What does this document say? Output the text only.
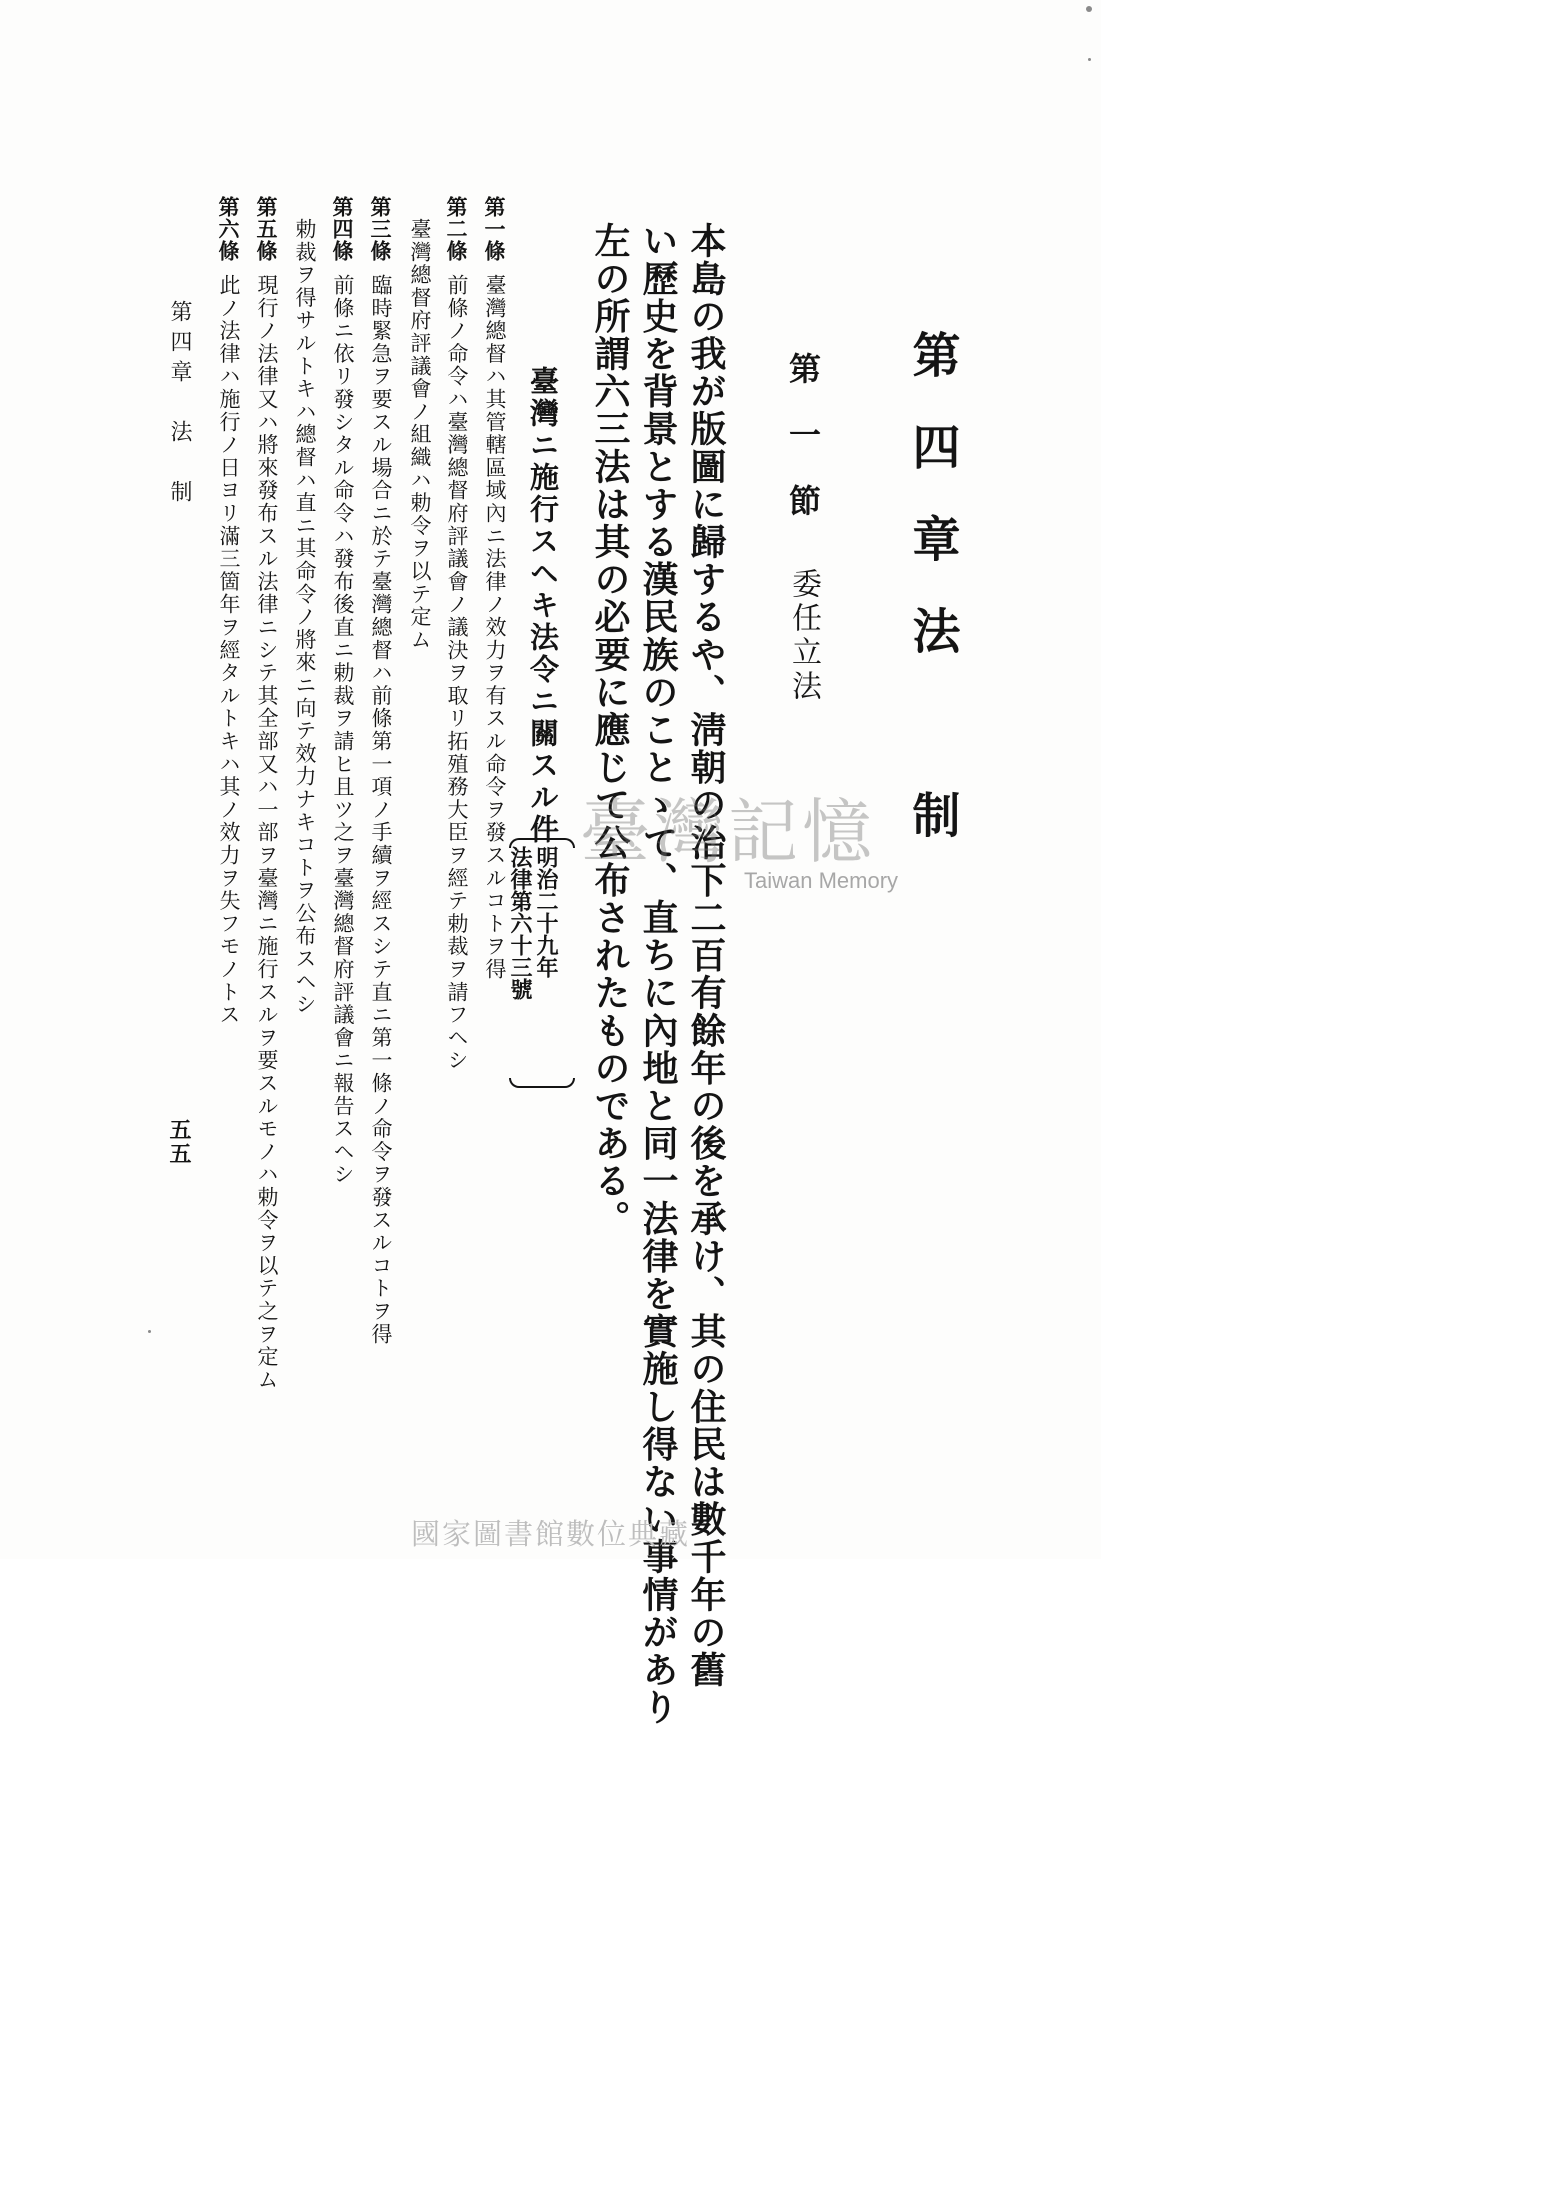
第四章法　制
第一節
委任立法
本島の我が版圖に歸するや、淸朝の治下二百有餘年の後を承け、其の住民は數千年の舊
い歷史を背景とする漢民族のことゝて、直ちに內地と同一法律を實施し得ない事情があり
左の所謂六三法は其の必要に應じて公布されたものである。
臺灣ニ施行スヘキ法令ニ關スル件
明治二十九年
法律第六十三號
第一條
臺灣總督ハ其管轄區域內ニ法律ノ效力ヲ有スル命令ヲ發スルコトヲ得
第二條
前條ノ命令ハ臺灣總督府評議會ノ議決ヲ取リ拓殖務大臣ヲ經テ勅裁ヲ請フヘシ
臺灣總督府評議會ノ組織ハ勅令ヲ以テ定ム
第三條
臨時緊急ヲ要スル場合ニ於テ臺灣總督ハ前條第一項ノ手續ヲ經スシテ直ニ第一條ノ命令ヲ發スルコトヲ得
第四條
前條ニ依リ發シタル命令ハ發布後直ニ勅裁ヲ請ヒ且ツ之ヲ臺灣總督府評議會ニ報告スヘシ
勅裁ヲ得サルトキハ總督ハ直ニ其命令ノ將來ニ向テ效力ナキコトヲ公布スヘシ
第五條
現行ノ法律又ハ將來發布スル法律ニシテ其全部又ハ一部ヲ臺灣ニ施行スルヲ要スルモノハ勅令ヲ以テ之ヲ定ム
第六條
此ノ法律ハ施行ノ日ヨリ滿三箇年ヲ經タルトキハ其ノ效力ヲ失フモノトス
第四章　法　制
五五
臺灣記憶
Taiwan Memory
國家圖書館數位典藏
